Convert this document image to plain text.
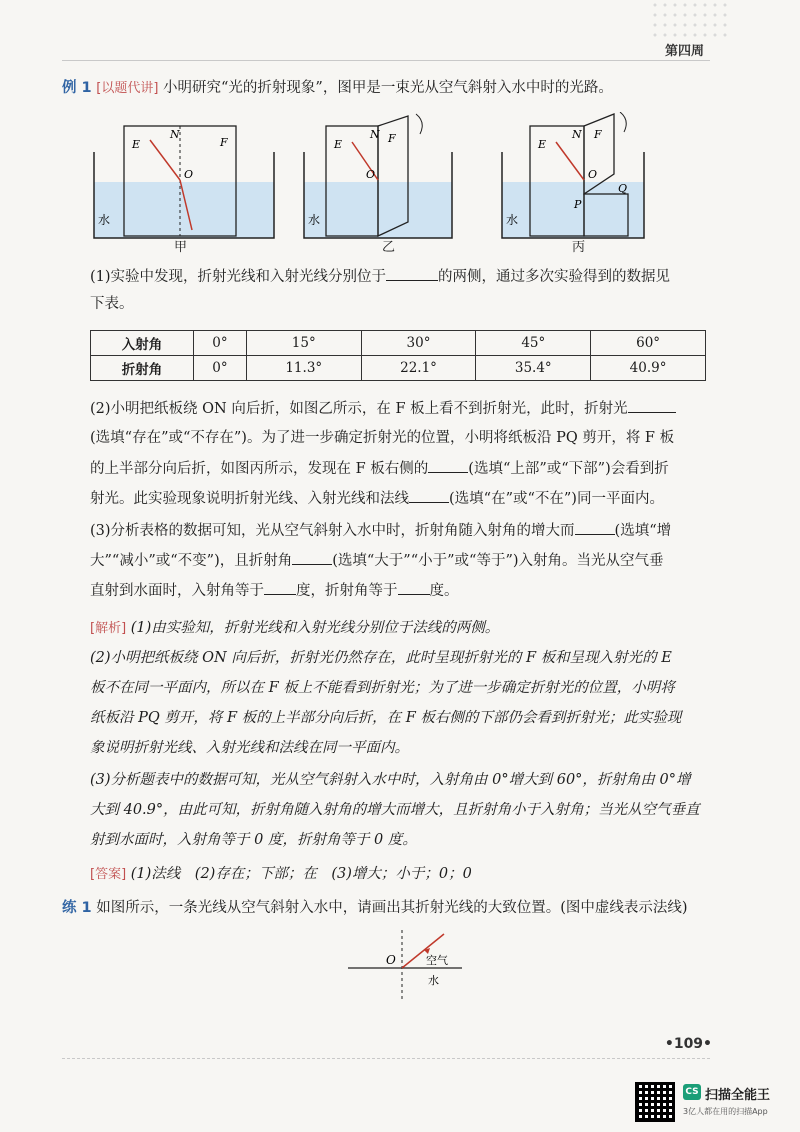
第四周
例 1 [以题代讲] 小明研究“光的折射现象”，图甲是一束光从空气斜射入水中时的光路。
E
N
F
O
水
E
N F
O
水
E
N F
O
P
Q
水
甲	乙	丙
(1)实验中发现，折射光线和入射光线分别位于	的两侧，通过多次实验得到的数据见
下表。
入射角	0°	15°	30°	45°	60°
折射角	0°	11.3°	22.1°	35.4°	40.9°
(2)小明把纸板绕 ON 向后折，如图乙所示，在 F 板上看不到折射光，此时，折射光
(选填“存在”或“不存在”)。为了进一步确定折射光的位置，小明将纸板沿 PQ 剪开，将 F 板
的上半部分向后折，如图丙所示，发现在 F 板右侧的	(选填“上部”或“下部”)会看到折
射光。此实验现象说明折射光线、入射光线和法线	(选填“在”或“不在”)同一平面内。
(3)分析表格的数据可知，光从空气斜射入水中时，折射角随入射角的增大而	(选填“增
大”“减小”或“不变”)，且折射角	(选填“大于”“小于”或“等于”)入射角。当光从空气垂
直射到水面时，入射角等于 度，折射角等于 度。
[解析] (1)由实验知，折射光线和入射光线分别位于法线的两侧。
(2)小明把纸板绕 ON 向后折，折射光仍然存在，此时呈现折射光的 F 板和呈现入射光的 E
板不在同一平面内，所以在 F 板上不能看到折射光；为了进一步确定折射光的位置，小明将
纸板沿 PQ 剪开，将 F 板的上半部分向后折，在 F 板右侧的下部仍会看到折射光；此实验现
象说明折射光线、入射光线和法线在同一平面内。
(3)分析题表中的数据可知，光从空气斜射入水中时，入射角由 0°增大到 60°，折射角由 0°增
大到 40.9°，由此可知，折射角随入射角的增大而增大，且折射角小于入射角；当光从空气垂直
射到水面时，入射角等于 0 度，折射角等于 0 度。
[答案] (1)法线　(2)存在；下部；在　(3)增大；小于；0；0
练 1 如图所示，一条光线从空气斜射入水中，请画出其折射光线的大致位置。(图中虚线表示法线)
O	空气
水
•109•
CS 扫描全能王
3亿人都在用的扫描App
